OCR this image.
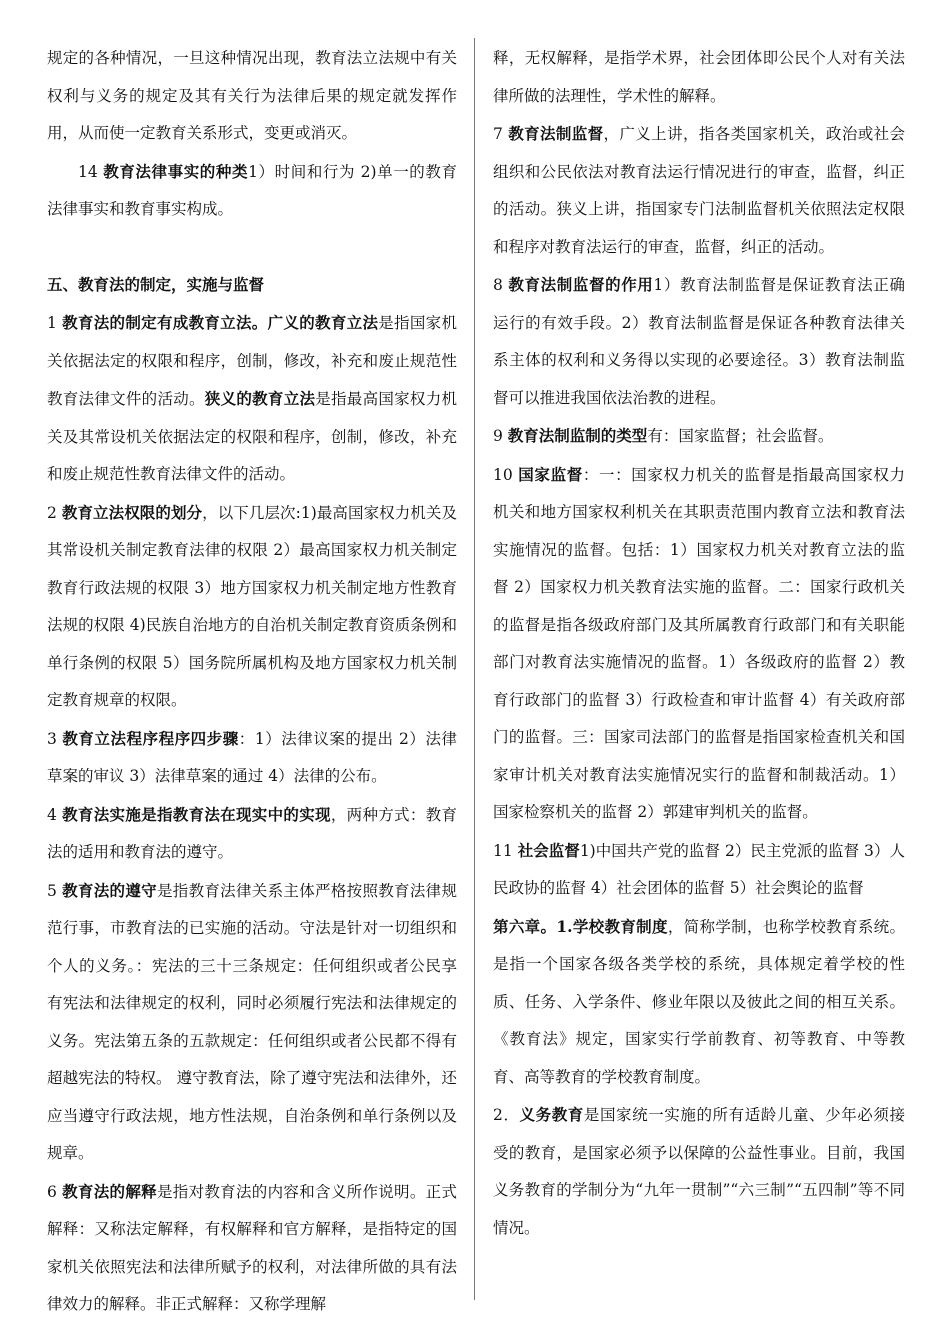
规定的各种情况，一旦这种情况出现，教育法立法规中有关权利与义务的规定及其有关行为法律后果的规定就发挥作用，从而使一定教育关系形式，变更或消灭。

14 教育法律事实的种类1）时间和行为 2)单一的教育法律事实和教育事实构成。

五、教育法的制定，实施与监督

1 教育法的制定有成教育立法。广义的教育立法是指国家机关依据法定的权限和程序，创制，修改，补充和废止规范性教育法律文件的活动。狭义的教育立法是指最高国家权力机关及其常设机关依据法定的权限和程序，创制，修改，补充和废止规范性教育法律文件的活动。

2 教育立法权限的划分，以下几层次:1)最高国家权力机关及其常设机关制定教育法律的权限 2）最高国家权力机关制定教育行政法规的权限 3）地方国家权力机关制定地方性教育法规的权限 4)民族自治地方的自治机关制定教育资质条例和单行条例的权限 5）国务院所属机构及地方国家权力机关制定教育规章的权限。

3 教育立法程序程序四步骤：1）法律议案的提出 2）法律草案的审议 3）法律草案的通过 4）法律的公布。

4 教育法实施是指教育法在现实中的实现，两种方式：教育法的适用和教育法的遵守。

5 教育法的遵守是指教育法律关系主体严格按照教育法律规范行事，市教育法的已实施的活动。守法是针对一切组织和个人的义务。：宪法的三十三条规定：任何组织或者公民享有宪法和法律规定的权利，同时必须履行宪法和法律规定的义务。宪法第五条的五款规定：任何组织或者公民都不得有超越宪法的特权。 遵守教育法，除了遵守宪法和法律外，还应当遵守行政法规，地方性法规，自治条例和单行条例以及规章。

6 教育法的解释是指对教育法的内容和含义所作说明。正式解释：又称法定解释，有权解释和官方解释，是指特定的国家机关依照宪法和法律所赋予的权利，对法律所做的具有法律效力的解释。非正式解释：又称学理解

释，无权解释，是指学术界，社会团体即公民个人对有关法律所做的法理性，学术性的解释。

7 教育法制监督，广义上讲，指各类国家机关，政治或社会组织和公民依法对教育法运行情况进行的审查，监督，纠正的活动。狭义上讲，指国家专门法制监督机关依照法定权限和程序对教育法运行的审查，监督，纠正的活动。

8 教育法制监督的作用1）教育法制监督是保证教育法正确运行的有效手段。2）教育法制监督是保证各种教育法律关系主体的权利和义务得以实现的必要途径。3）教育法制监督可以推进我国依法治教的进程。

9 教育法制监制的类型有：国家监督；社会监督。

10 国家监督：一：国家权力机关的监督是指最高国家权力机关和地方国家权利机关在其职责范围内教育立法和教育法实施情况的监督。包括：1）国家权力机关对教育立法的监督 2）国家权力机关教育法实施的监督。二：国家行政机关的监督是指各级政府部门及其所属教育行政部门和有关职能部门对教育法实施情况的监督。1）各级政府的监督 2）教育行政部门的监督 3）行政检查和审计监督 4）有关政府部门的监督。三：国家司法部门的监督是指国家检查机关和国家审计机关对教育法实施情况实行的监督和制裁活动。1）国家检察机关的监督 2）郭建审判机关的监督。

11 社会监督1)中国共产党的监督 2）民主党派的监督 3）人民政协的监督 4）社会团体的监督 5）社会舆论的监督

第六章。1.学校教育制度，简称学制，也称学校教育系统。是指一个国家各级各类学校的系统，具体规定着学校的性质、任务、入学条件、修业年限以及彼此之间的相互关系。《教育法》规定，国家实行学前教育、初等教育、中等教育、高等教育的学校教育制度。

2．义务教育是国家统一实施的所有适龄儿童、少年必须接受的教育，是国家必须予以保障的公益性事业。目前，我国义务教育的学制分为“九年一贯制”“六三制”“五四制”等不同情况。
